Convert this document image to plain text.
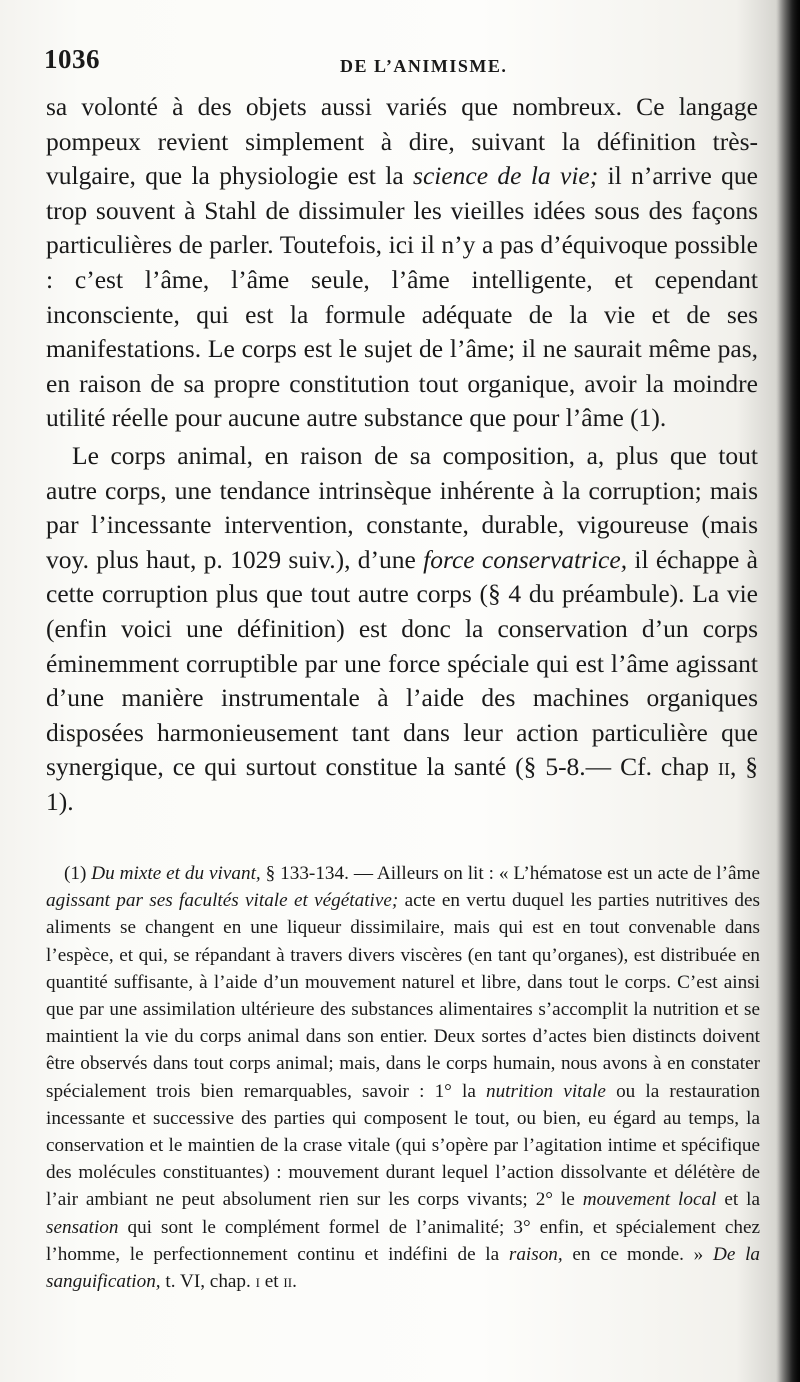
1036	DE L’ANIMISME.

sa volonté à des objets aussi variés que nombreux. Ce langage pompeux revient simplement à dire, suivant la définition très-vulgaire, que la physiologie est la science de la vie; il n’arrive que trop souvent à Stahl de dissimuler les vieilles idées sous des façons particulières de parler. Toutefois, ici il n’y a pas d’équivoque possible : c’est l’âme, l’âme seule, l’âme intelligente, et cependant inconsciente, qui est la formule adéquate de la vie et de ses manifestations. Le corps est le sujet de l’âme; il ne saurait même pas, en raison de sa propre constitution tout organique, avoir la moindre utilité réelle pour aucune autre substance que pour l’âme (1).

Le corps animal, en raison de sa composition, a, plus que tout autre corps, une tendance intrinsèque inhérente à la corruption; mais par l’incessante intervention, constante, durable, vigoureuse (mais voy. plus haut, p. 1029 suiv.), d’une force conservatrice, il échappe à cette corruption plus que tout autre corps (§ 4 du préambule). La vie (enfin voici une définition) est donc la conservation d’un corps éminemment corruptible par une force spéciale qui est l’âme agissant d’une manière instrumentale à l’aide des machines organiques disposées harmonieusement tant dans leur action particulière que synergique, ce qui surtout constitue la santé (§ 5-8.— Cf. chap ii, § 1).

(1) Du mixte et du vivant, § 133-134. — Ailleurs on lit : « L’hématose est un acte de l’âme agissant par ses facultés vitale et végétative; acte en vertu duquel les parties nutritives des aliments se changent en une liqueur dissimilaire, mais qui est en tout convenable dans l’espèce, et qui, se répandant à travers divers viscères (en tant qu’organes), est distribuée en quantité suffisante, à l’aide d’un mouvement naturel et libre, dans tout le corps. C’est ainsi que par une assimilation ultérieure des substances alimentaires s’accomplit la nutrition et se maintient la vie du corps animal dans son entier. Deux sortes d’actes bien distincts doivent être observés dans tout corps animal; mais, dans le corps humain, nous avons à en constater spécialement trois bien remarquables, savoir : 1° la nutrition vitale ou la restauration incessante et successive des parties qui composent le tout, ou bien, eu égard au temps, la conservation et le maintien de la crase vitale (qui s’opère par l’agitation intime et spécifique des molécules constituantes) : mouvement durant lequel l’action dissolvante et délétère de l’air ambiant ne peut absolument rien sur les corps vivants; 2° le mouvement local et la sensation qui sont le complément formel de l’animalité; 3° enfin, et spécialement chez l’homme, le perfectionnement continu et indéfini de la raison, en ce monde. » De la sanguification, t. VI, chap. i et ii.
